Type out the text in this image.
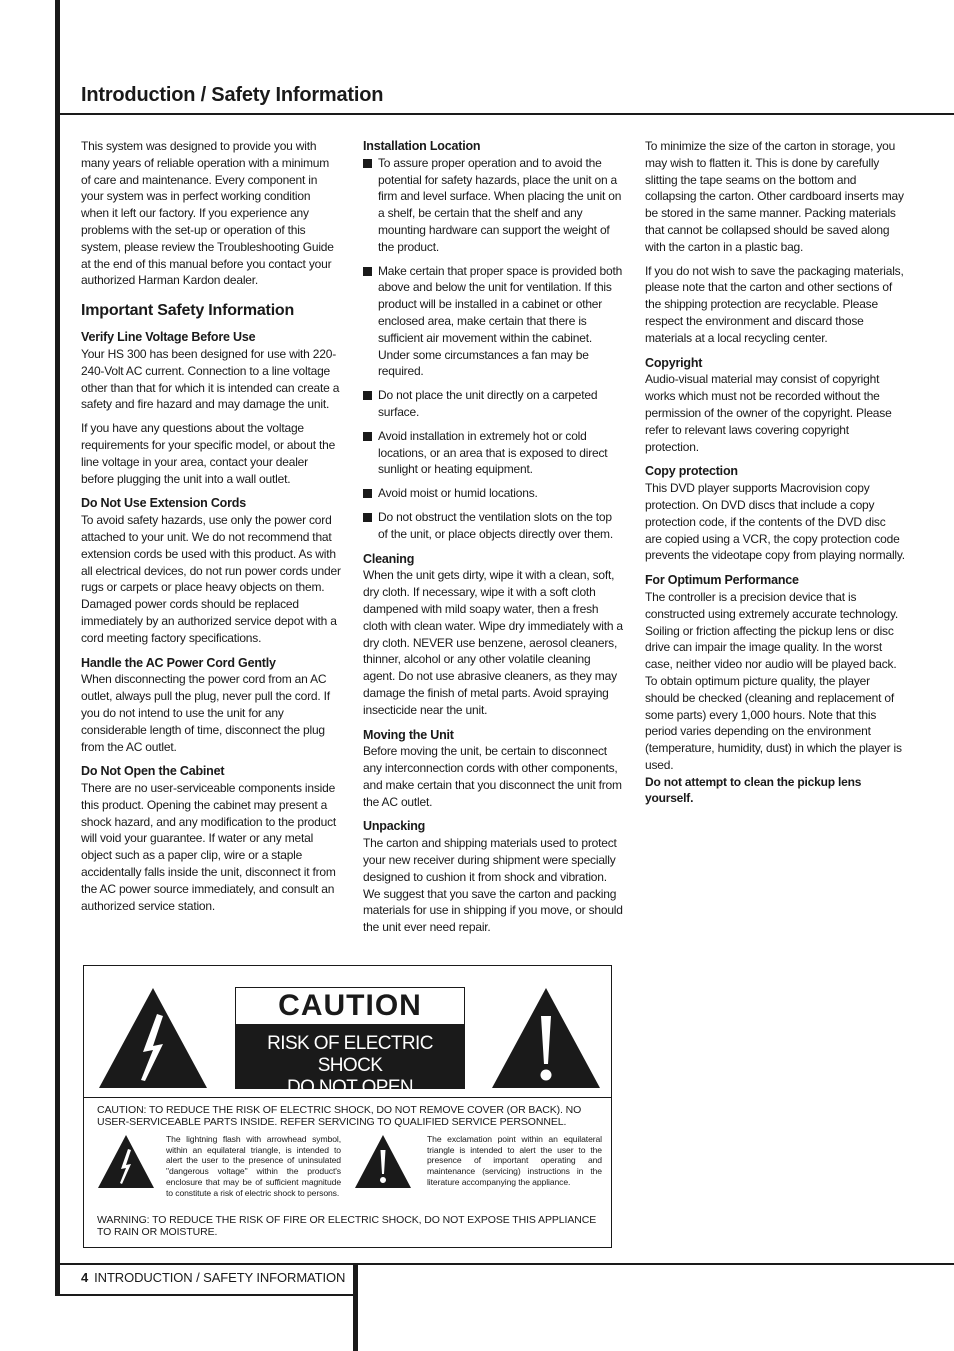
Introduction / Safety Information

This system was designed to provide you with many years of reliable operation with a minimum of care and maintenance. Every component in your system was in perfect working condition when it left our factory. If you experience any problems with the set-up or operation of this system, please review the Troubleshooting Guide at the end of this manual before you contact your authorized Harman Kardon dealer.

Important Safety Information
Verify Line Voltage Before Use

Your HS 300 has been designed for use with 220-240-Volt AC current. Connection to a line voltage other than that for which it is intended can create a safety and fire hazard and may damage the unit.

If you have any questions about the voltage requirements for your specific model, or about the line voltage in your area, contact your dealer before plugging the unit into a wall outlet.

Do Not Use Extension Cords

To avoid safety hazards, use only the power cord attached to your unit. We do not recommend that extension cords be used with this product. As with all electrical devices, do not run power cords under rugs or carpets or place heavy objects on them. Damaged power cords should be replaced immediately by an authorized service depot with a cord meeting factory specifications.

Handle the AC Power Cord Gently

When disconnecting the power cord from an AC outlet, always pull the plug, never pull the cord. If you do not intend to use the unit for any considerable length of time, disconnect the plug from the AC outlet.

Do Not Open the Cabinet

There are no user-serviceable components inside this product. Opening the cabinet may present a shock hazard, and any modification to the product will void your guarantee. If water or any metal object such as a paper clip, wire or a staple accidentally falls inside the unit, disconnect it from the AC power source immediately, and consult an authorized service station.

Installation Location
To assure proper operation and to avoid the potential for safety hazards, place the unit on a firm and level surface. When placing the unit on a shelf, be certain that the shelf and any mounting hardware can support the weight of the product.
Make certain that proper space is provided both above and below the unit for ventilation. If this product will be installed in a cabinet or other enclosed area, make certain that there is sufficient air movement within the cabinet. Under some circumstances a fan may be required.
Do not place the unit directly on a carpeted surface.
Avoid installation in extremely hot or cold locations, or an area that is exposed to direct sunlight or heating equipment.
Avoid moist or humid locations.
Do not obstruct the ventilation slots on the top of the unit, or place objects directly over them.
Cleaning

When the unit gets dirty, wipe it with a clean, soft, dry cloth. If necessary, wipe it with a soft cloth dampened with mild soapy water, then a fresh cloth with clean water. Wipe dry immediately with a dry cloth. NEVER use benzene, aerosol cleaners, thinner, alcohol or any other volatile cleaning agent. Do not use abrasive cleaners, as they may damage the finish of metal parts. Avoid spraying insecticide near the unit.

Moving the Unit

Before moving the unit, be certain to disconnect any interconnection cords with other components, and make certain that you disconnect the unit from the AC outlet.

Unpacking

The carton and shipping materials used to protect your new receiver during shipment were specially designed to cushion it from shock and vibration. We suggest that you save the carton and packing materials for use in shipping if you move, or should the unit ever need repair.

To minimize the size of the carton in storage, you may wish to flatten it. This is done by carefully slitting the tape seams on the bottom and collapsing the carton. Other cardboard inserts may be stored in the same manner. Packing materials that cannot be collapsed should be saved along with the carton in a plastic bag.

If you do not wish to save the packaging materials, please note that the carton and other sections of the shipping protection are recyclable. Please respect the environment and discard those materials at a local recycling center.

Copyright

Audio-visual material may consist of copyright works which must not be recorded without the permission of the owner of the copyright. Please refer to relevant laws covering copyright protection.

Copy protection

This DVD player supports Macrovision copy protection. On DVD discs that include a copy protection code, if the contents of the DVD disc are copied using a VCR, the copy protection code prevents the videotape copy from playing normally.

For Optimum Performance

The controller is a precision device that is constructed using extremely accurate technology. Soiling or friction affecting the pickup lens or disc drive can impair the image quality. In the worst case, neither video nor audio will be played back. To obtain optimum picture quality, the player should be checked (cleaning and replacement of some parts) every 1,000 hours. Note that this period varies depending on the environment (temperature, humidity, dust) in which the player is used.

Do not attempt to clean the pickup lens yourself.

CAUTION
RISK OF ELECTRIC SHOCK
DO NOT OPEN
CAUTION: TO REDUCE THE RISK OF ELECTRIC SHOCK, DO NOT REMOVE COVER (OR BACK). NO USER-SERVICEABLE PARTS INSIDE. REFER SERVICING TO QUALIFIED SERVICE PERSONNEL.
The lightning flash with arrowhead symbol, within an equilateral triangle, is intended to alert the user to the presence of uninsulated "dangerous voltage" within the product's enclosure that may be of sufficient magnitude to constitute a risk of electric shock to persons.
The exclamation point within an equilateral triangle is intended to alert the user to the presence of important operating and maintenance (servicing) instructions in the literature accompanying the appliance.
WARNING: TO REDUCE THE RISK OF FIRE OR ELECTRIC SHOCK, DO NOT EXPOSE THIS APPLIANCE TO RAIN OR MOISTURE.
4 INTRODUCTION / SAFETY INFORMATION
